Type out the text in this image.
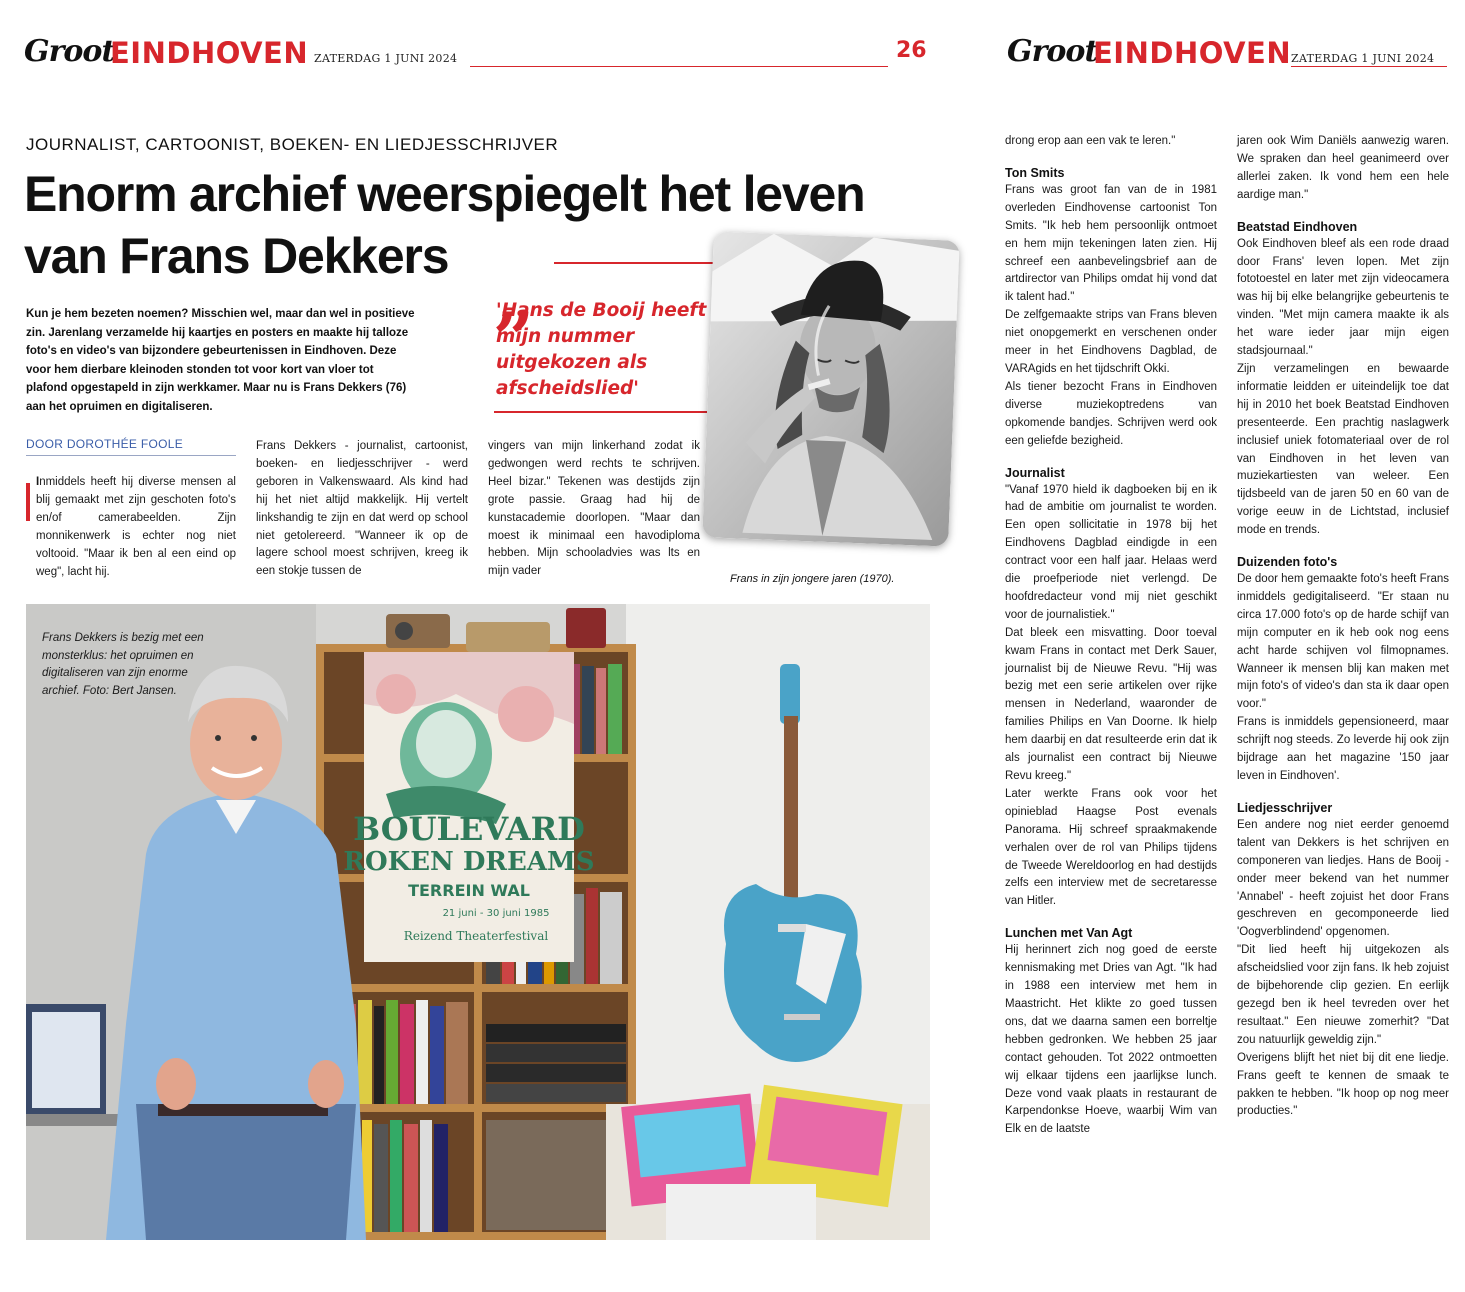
Groot
EINDHOVEN ZATERDAG 1 JUNI 2024	26
JOURNALIST, CARTOONIST, BOEKEN- EN LIEDJESSCHRIJVER
Enorm archief weerspiegelt het leven
van Frans Dekkers
Kun je hem bezeten noemen? Misschien wel, maar dan wel in positieve zin. Jarenlang verzamelde hij kaartjes en posters en maakte hij talloze foto's en video's van bijzondere gebeurtenissen in Eindhoven. Deze voor hem dierbare kleinoden stonden tot voor kort van vloer tot plafond opgestapeld in zijn werkkamer. Maar nu is Frans Dekkers (76) aan het opruimen en digitaliseren.
DOOR DOROTHÉE FOOLE
„
'Hans de Booij heeft mijn nummer uitgekozen als afscheidslied'
Frans in zijn jongere jaren (1970).

Inmiddels heeft hij diverse mensen al blij gemaakt met zijn geschoten foto's en/of camerabeelden. Zijn monnikenwerk is echter nog niet voltooid. "Maar ik ben al een eind op weg", lacht hij.

Frans Dekkers - journalist, cartoonist, boeken- en liedjesschrijver - werd geboren in Valkenswaard. Als kind had hij het niet altijd makkelijk. Hij vertelt linkshandig te zijn en dat werd op school niet getolereerd. "Wanneer ik op de lagere school moest schrijven, kreeg ik een stokje tussen de

vingers van mijn linkerhand zodat ik gedwongen werd rechts te schrijven. Heel bizar." Tekenen was destijds zijn grote passie. Graag had hij de kunstacademie doorlopen. "Maar dan moest ik minimaal een havodiploma hebben. Mijn schooladvies was lts en mijn vader

BOULEVARD
ROKEN DREAMS
TERREIN WAL
21 juni - 30 juni 1985
Reizend Theaterfestival
Frans Dekkers is bezig met een monsterklus: het opruimen en digitaliseren van zijn enorme archief. Foto: Bert Jansen.
Groot
EINDHOVEN ZATERDAG 1 JUNI 2024

drong erop aan een vak te leren."

Ton Smits

Frans was groot fan van de in 1981 overleden Eindhovense cartoonist Ton Smits. "Ik heb hem persoonlijk ontmoet en hem mijn tekeningen laten zien. Hij schreef een aanbevelingsbrief aan de artdirector van Philips omdat hij vond dat ik talent had."

De zelfgemaakte strips van Frans bleven niet onopgemerkt en verschenen onder meer in het Eindhovens Dagblad, de VARAgids en het tijdschrift Okki.

Als tiener bezocht Frans in Eindhoven diverse muziekoptredens van opkomende bandjes. Schrijven werd ook een geliefde bezigheid.

Journalist

"Vanaf 1970 hield ik dagboeken bij en ik had de ambitie om journalist te worden. Een open sollicitatie in 1978 bij het Eindhovens Dagblad eindigde in een contract voor een half jaar. Helaas werd die proefperiode niet verlengd. De hoofdredacteur vond mij niet geschikt voor de journalistiek."

Dat bleek een misvatting. Door toeval kwam Frans in contact met Derk Sauer, journalist bij de Nieuwe Revu. "Hij was bezig met een serie artikelen over rijke mensen in Nederland, waaronder de families Philips en Van Doorne. Ik hielp hem daarbij en dat resulteerde erin dat ik als journalist een contract bij Nieuwe Revu kreeg."

Later werkte Frans ook voor het opinieblad Haagse Post evenals Panorama. Hij schreef spraakmakende verhalen over de rol van Philips tijdens de Tweede Wereldoorlog en had destijds zelfs een interview met de secretaresse van Hitler.

Lunchen met Van Agt

Hij herinnert zich nog goed de eerste kennismaking met Dries van Agt. "Ik had in 1988 een interview met hem in Maastricht. Het klikte zo goed tussen ons, dat we daarna samen een borreltje hebben gedronken. We hebben 25 jaar contact gehouden. Tot 2022 ontmoetten wij elkaar tijdens een jaarlijkse lunch. Deze vond vaak plaats in restaurant de Karpendonkse Hoeve, waarbij Wim van Elk en de laatste

jaren ook Wim Daniëls aanwezig waren. We spraken dan heel geanimeerd over allerlei zaken. Ik vond hem een hele aardige man."

Beatstad Eindhoven

Ook Eindhoven bleef als een rode draad door Frans' leven lopen. Met zijn fototoestel en later met zijn videocamera was hij bij elke belangrijke gebeurtenis te vinden. "Met mijn camera maakte ik als het ware ieder jaar mijn eigen stadsjournaal."

Zijn verzamelingen en bewaarde informatie leidden er uiteindelijk toe dat hij in 2010 het boek Beatstad Eindhoven presenteerde. Een prachtig naslagwerk inclusief uniek fotomateriaal over de rol van Eindhoven in het leven van muziekartiesten van weleer. Een tijdsbeeld van de jaren 50 en 60 van de vorige eeuw in de Lichtstad, inclusief mode en trends.

Duizenden foto's

De door hem gemaakte foto's heeft Frans inmiddels gedigitaliseerd. "Er staan nu circa 17.000 foto's op de harde schijf van mijn computer en ik heb ook nog eens acht harde schijven vol filmopnames. Wanneer ik mensen blij kan maken met mijn foto's of video's dan sta ik daar open voor."

Frans is inmiddels gepensioneerd, maar schrijft nog steeds. Zo leverde hij ook zijn bijdrage aan het magazine '150 jaar leven in Eindhoven'.

Liedjesschrijver

Een andere nog niet eerder genoemd talent van Dekkers is het schrijven en componeren van liedjes. Hans de Booij - onder meer bekend van het nummer 'Annabel' - heeft zojuist het door Frans geschreven en gecomponeerde lied 'Oogverblindend' opgenomen.

"Dit lied heeft hij uitgekozen als afscheidslied voor zijn fans. Ik heb zojuist de bijbehorende clip gezien. En eerlijk gezegd ben ik heel tevreden over het resultaat." Een nieuwe zomerhit? "Dat zou natuurlijk geweldig zijn."

Overigens blijft het niet bij dit ene liedje. Frans geeft te kennen de smaak te pakken te hebben. "Ik hoop op nog meer producties."
